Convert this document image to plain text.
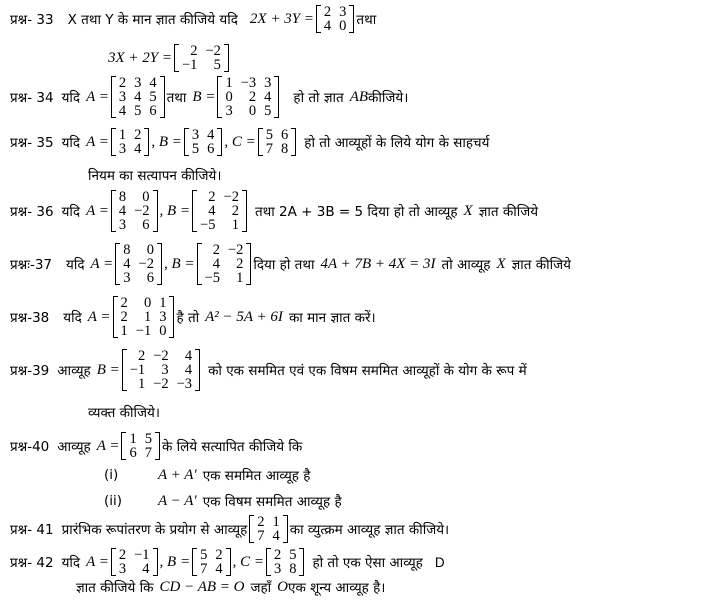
प्रश्न- 33 X तथा Y के मान ज्ञात कीजिये यदि 2X + 3Y = 2 3
4 0 तथा
3X + 2Y =	2 −2
−1	5
प्रश्न- 34 यदि A =
2 3 4
3 4 5
4 5 6
तथा B =
1 −3 3
0	2 4
3	0 5
हो तो ज्ञात AB कीजिये।
प्रश्न- 35 यदि A = 1 2
3 4 , B = 3 4
5 6 , C = 5 6
7 8 हो तो आव्यूहों के लिये योग के साहचर्य
नियम का सत्यापन कीजिये।
प्रश्न- 36 यदि A =
8	0
4 −2
3	6
, B =
2 −2
4	2
−5	1
तथा 2A + 3B = 5 दिया हो तो आव्यूह X ज्ञात कीजिये
प्रश्नः-37 यदि A =
8	0
4 −2
3	6
, B =
2 −2
4	2
−5	1
दिया हो तथा 4A + 7B + 4X = 3I तो आव्यूह X ज्ञात कीजिये
प्रश्न-38 यदि A =
2	0 1
2	1 3
1 −1 0
है तो A² − 5A + 6I का मान ज्ञात करें।
प्रश्न-39 आव्यूह B =
2 −2	4
−1	3	4
1 −2 −3
को एक सममित एवं एक विषम सममित आव्यूहों के योग के रूप में
व्यक्त कीजिये।
प्रश्न-40 आव्यूह A = 1 5
6 7 के लिये सत्यापित कीजिये कि
(i)	A + A′ एक सममित आव्यूह है
(ii)	A − A′ एक विषम सममित आव्यूह है
प्रश्न- 41 प्रारंभिक रूपांतरण के प्रयोग से आव्यूह 2 1
7 4 का व्युत्क्रम आव्यूह ज्ञात कीजिये।
प्रश्न- 42 यदि A = 2 −1
3	4 , B = 5 2
7 4 , C = 2 5
3 8 हो तो एक ऐसा आव्यूह D
ज्ञात कीजिये कि CD − AB = O जहाँ O एक शून्य आव्यूह है।
